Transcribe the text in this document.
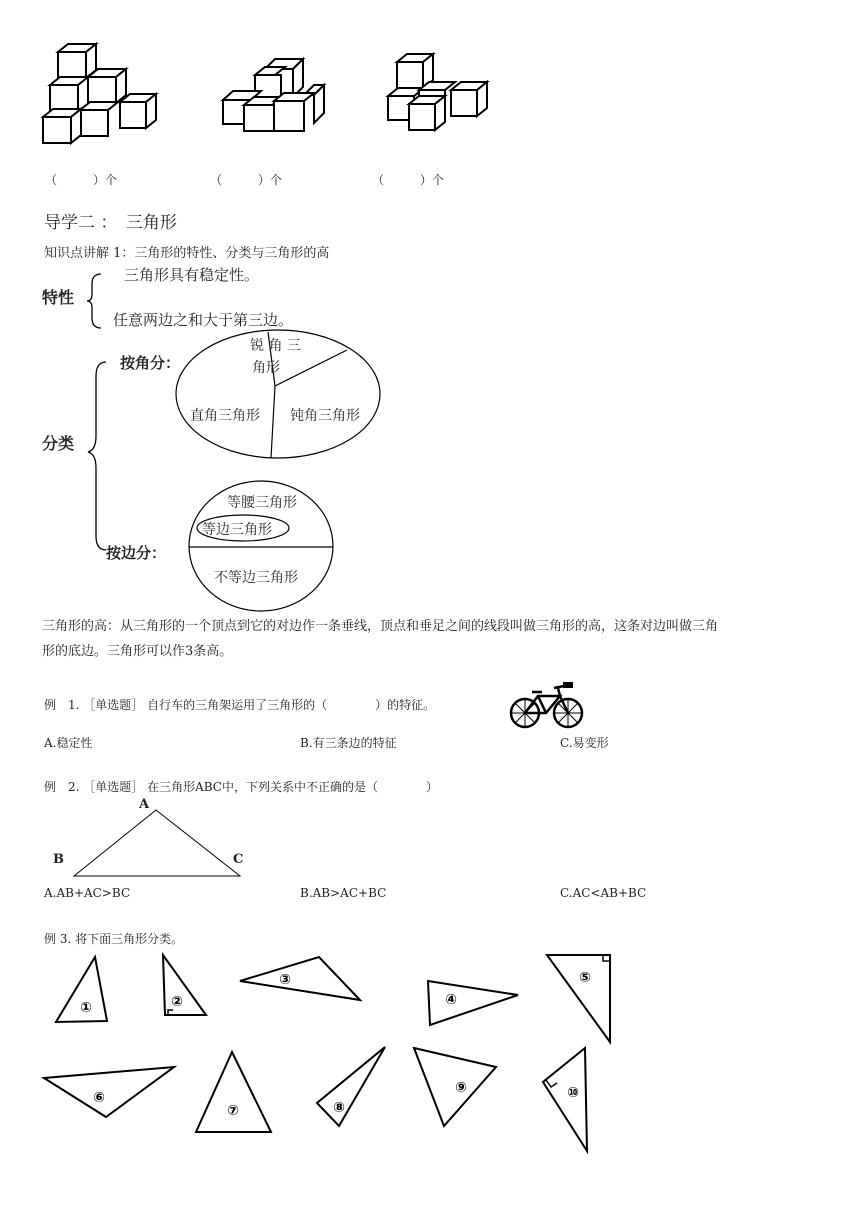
（　　　）个	（　　　）个	（　　　）个
导学二 ：　三角形
知识点讲解 1：三角形的特性、分类与三角形的高
特性
三角形具有稳定性。
任意两边之和大于第三边。
分类
按角分：
按边分：
锐 角 三
角形
直角三角形 钝角三角形
等腰三角形
等边三角形
不等边三角形
三角形的高：从三角形的一个顶点到它的对边作一条垂线，顶点和垂足之间的线段叫做三角形的高，这条对边叫做三角
形的底边。三角形可以作3条高。
例　1. ［单选题］ 自行车的三角架运用了三角形的（　　　　）的特征。
A.稳定性	B.有三条边的特征	C.易变形
例　2. ［单选题］ 在三角形ABC中，下列关系中不正确的是（　　　　）
A
B	C
A.AB+AC>BC	B.AB>AC+BC	C.AC<AB+BC
例 3. 将下面三角形分类。
①	②
③
④
⑤
⑥
⑦	⑧
⑨	⑩
